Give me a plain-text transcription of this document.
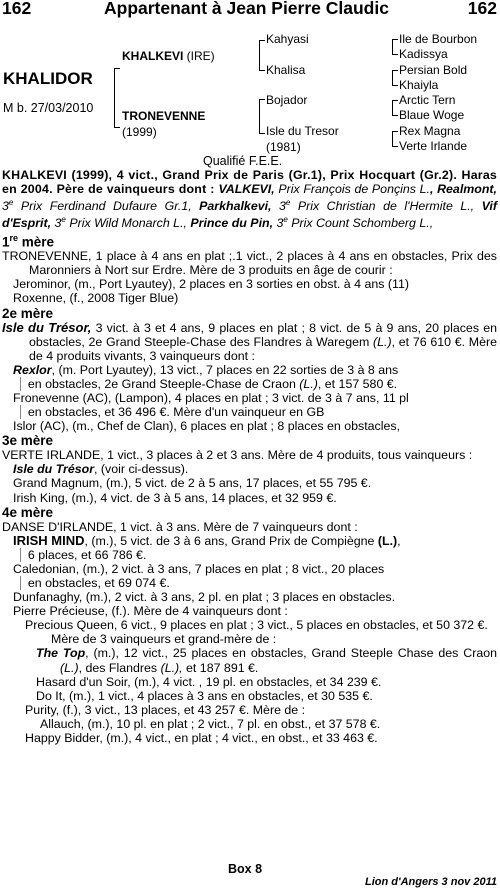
162	Appartenant à Jean Pierre Claudic	162
KHALIDOR
M b. 27/03/2010
KHALKEVI (IRE)
TRONEVENNE
(1999)
Kahyasi
Khalisa
Bojador
Isle du Tresor
(1981)
Ile de Bourbon
Kadissya
Persian Bold
Khaiyla
Arctic Tern
Blaue Woge
Rex Magna
Verte Irlande
Qualifié F.E.E.

KHALKEVI (1999), 4 vict., Grand Prix de Paris (Gr.1), Prix Hocquart (Gr.2). Haras en 2004. Père de vainqueurs dont : VALKEVI, Prix François de Ponçins L., Realmont, 3e Prix Ferdinand Dufaure Gr.1, Parkhalkevi, 3e Prix Christian de l'Hermite L., Vif d'Esprit, 3e Prix Wild Monarch L., Prince du Pin, 3e Prix Count Schomberg L.,

1re mère

TRONEVENNE, 1 place à 4 ans en plat ;.1 vict., 2 places à 4 ans en obstacles, Prix des Maronniers à Nort sur Erdre. Mère de 3 produits en âge de courir :

Jerominor, (m., Port Lyautey), 2 places en 3 sorties en obst. à 4 ans (11)

Roxenne, (f., 2008 Tiger Blue)

2e mère

Isle du Trésor, 3 vict. à 3 et 4 ans, 9 places en plat ; 8 vict. de 5 à 9 ans, 20 places en obstacles, 2e Grand Steeple-Chase des Flandres à Waregem (L.), et 76 610 €. Mère de 4 produits vivants, 3 vainqueurs dont :

Rexlor, (m. Port Lyautey), 13 vict., 7 places en 22 sorties de 3 à 8 ans

en obstacles, 2e Grand Steeple-Chase de Craon (L.), et 157 580 €.

Fronevenne (AC), (Lampon), 4 places en plat ; 3 vict. de 3 à 7 ans, 11 pl

en obstacles, et 36 496 €. Mère d'un vainqueur en GB

Islor (AC), (m., Chef de Clan), 6 places en plat ; 8 places en obstacles,

3e mère

VERTE IRLANDE, 1 vict., 3 places à 2 et 3 ans. Mère de 4 produits, tous vainqueurs :

Isle du Trésor, (voir ci-dessus).

Grand Magnum, (m.), 5 vict. de 2 à 5 ans, 17 places, et 55 795 €.

Irish King, (m.), 4 vict. de 3 à 5 ans, 14 places, et 32 959 €.

4e mère

DANSE D'IRLANDE, 1 vict. à 3 ans. Mère de 7 vainqueurs dont :

IRISH MIND, (m.), 5 vict. de 3 à 6 ans, Grand Prix de Compiègne (L.),

6 places, et 66 786 €.

Caledonian, (m.), 2 vict. à 3 ans, 7 places en plat ; 8 vict., 20 places

en obstacles, et 69 074 €.

Dunfanaghy, (m.), 2 vict. à 3 ans, 2 pl. en plat ; 3 places en obstacles.

Pierre Précieuse, (f.). Mère de 4 vainqueurs dont :

Precious Queen, 6 vict., 9 places en plat ; 3 vict., 5 places en obstacles, et 50 372 €. Mère de 3 vainqueurs et grand-mère de :

The Top, (m.), 12 vict., 25 places en obstacles, Grand Steeple Chase des Craon (L.), des Flandres (L.), et 187 891 €.

Hasard d'un Soir, (m.), 4 vict. , 19 pl. en obstacles, et 34 239 €.

Do It, (m.), 1 vict., 4 places à 3 ans en obstacles, et 30 535 €.

Purity, (f.), 3 vict., 13 places, et 43 257 €. Mère de :

Allauch, (m.), 10 pl. en plat ; 2 vict., 7 pl. en obst., et 37 578 €.

Happy Bidder, (m.), 4 vict., en plat ; 4 vict., en obst., et 33 463 €.

Box 8
Lion d'Angers 3 nov 2011
